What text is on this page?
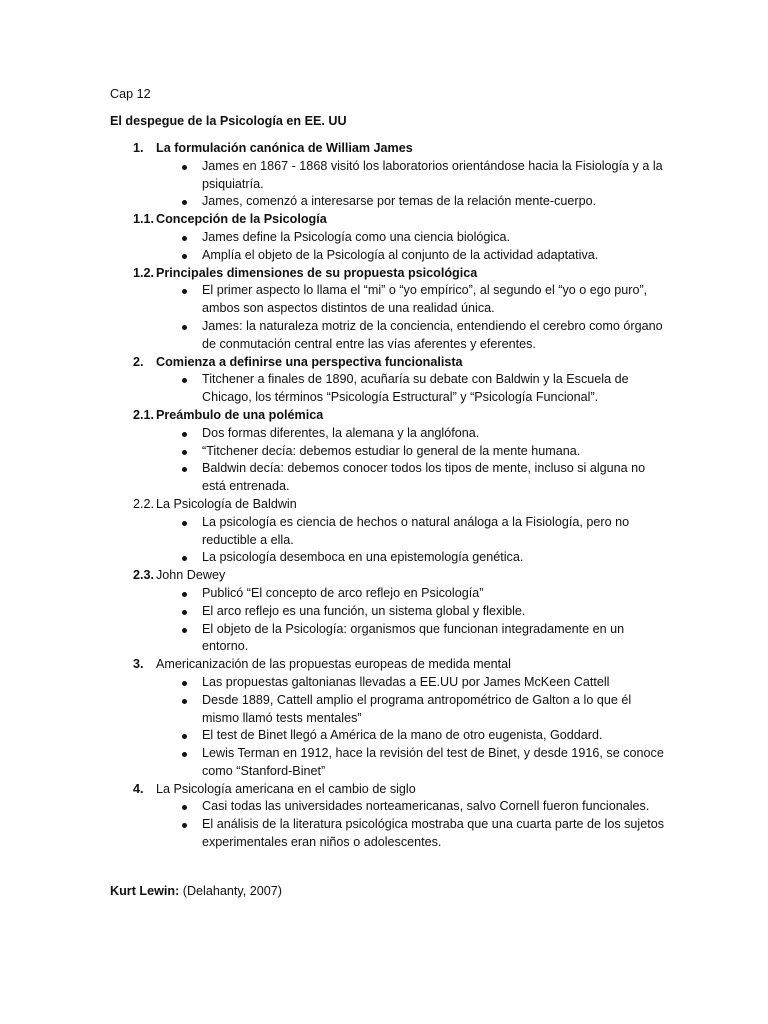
Cap 12
El despegue de la Psicología en EE. UU
1. La formulación canónica de William James
James en 1867 - 1868 visitó los laboratorios orientándose hacia la Fisiología y a la psiquiatría.
James, comenzó a interesarse por temas de la relación mente-cuerpo.
1.1. Concepción de la Psicología
James define la Psicología como una ciencia biológica.
Amplía el objeto de la Psicología al conjunto de la actividad adaptativa.
1.2. Principales dimensiones de su propuesta psicológica
El primer aspecto lo llama el “mi” o “yo empírico”, al segundo el “yo o ego puro”, ambos son aspectos distintos de una realidad única.
James: la naturaleza motriz de la conciencia, entendiendo el cerebro como órgano de conmutación central entre las vías aferentes y eferentes.
2. Comienza a definirse una perspectiva funcionalista
Titchener a finales de 1890, acuñaría su debate con Baldwin y la Escuela de Chicago, los términos “Psicología Estructural” y “Psicología Funcional”.
2.1. Preámbulo de una polémica
Dos formas diferentes, la alemana y la anglófona.
“Titchener decía: debemos estudiar lo general de la mente humana.
Baldwin decía: debemos conocer todos los tipos de mente, incluso si alguna no está entrenada.
2.2. La Psicología de Baldwin
La psicología es ciencia de hechos o natural análoga a la Fisiología, pero no reductible a ella.
La psicología desemboca en una epistemología genética.
2.3. John Dewey
Publicó “El concepto de arco reflejo en Psicología”
El arco reflejo es una función, un sistema global y flexible.
El objeto de la Psicología: organismos que funcionan integradamente en un entorno.
3. Americanización de las propuestas europeas de medida mental
Las propuestas galtonianas llevadas a EE.UU por James McKeen Cattell
Desde 1889, Cattell amplio el programa antropométrico de Galton a lo que él mismo llamó tests mentales”
El test de Binet llegó a América de la mano de otro eugenista, Goddard.
Lewis Terman en 1912, hace la revisión del test de Binet, y desde 1916, se conoce como “Stanford-Binet”
4. La Psicología americana en el cambio de siglo
Casi todas las universidades norteamericanas, salvo Cornell fueron funcionales.
El análisis de la literatura psicológica mostraba que una cuarta parte de los sujetos experimentales eran niños o adolescentes.
Kurt Lewin: (Delahanty, 2007)
